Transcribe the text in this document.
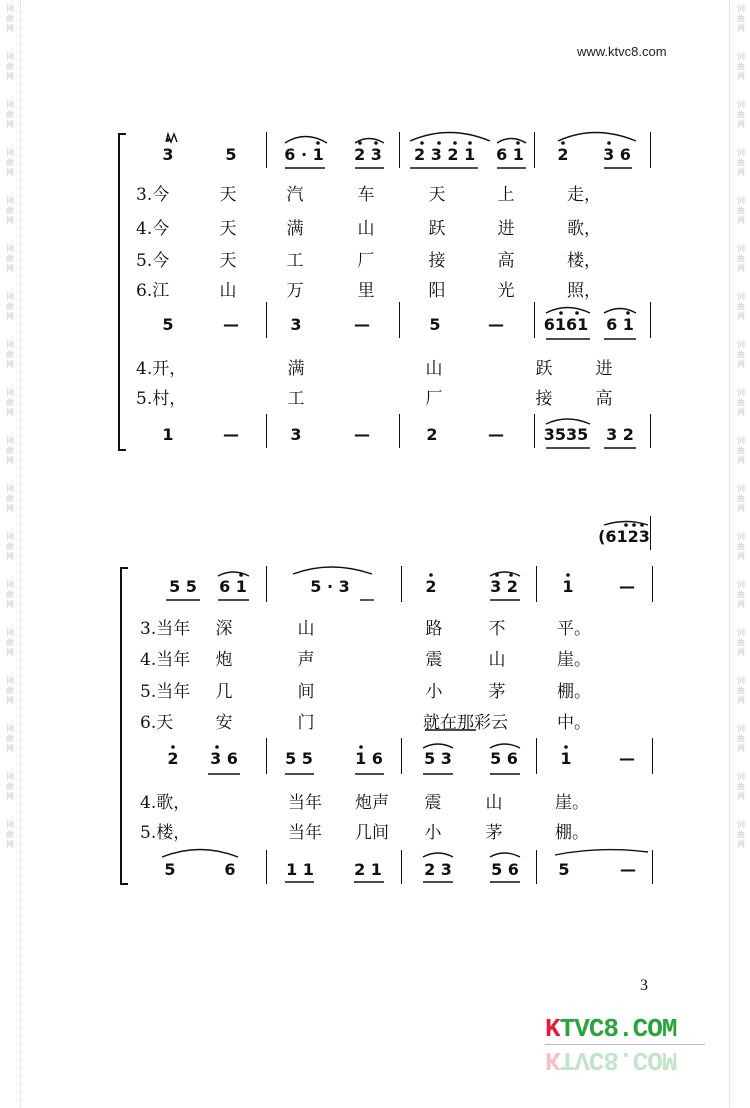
词
曲
网
词
曲
网
词
曲
网
词
曲
网
词
曲
网
词
曲
网
词
曲
网
词
曲
网
词
曲
网
词
曲
网
词
曲
网
词
曲
网
词
曲
网
词
曲
网
词
曲
网
词
曲
网
词
曲
网
词
曲
网
词
曲
网
词
曲
网
词
曲
网
词
曲
网
词
曲
网
词
曲
网
词
曲
网
词
曲
网
词
曲
网
词
曲
网
词
曲
网
词
曲
网
词
曲
网
词
曲
网
词
曲
网
词
曲
网
词
曲
网
词
曲
网
www.ktvc8.com
3	5	6 · 1	2 3	2 3 2 1	6 1	2	3 6
3.今	天	汽	车	天	上	走，
4.今	天	满	山	跃	进	歌，
5.今	天	工	厂	接	高	楼，
6.江	山	万	里	阳	光	照，
5	—	3	—	5	—	6161	6 1
4.开，	满	山	跃	进
5.村，	工	厂	接	高
1	—	3	—	2	—	3535	3 2
(6123
5 5	6 1	5 · 3	2	3 2	1	—
3.当年	深	山	路	不	平。
4.当年	炮	声	震	山	崖。
5.当年	几	间	小	茅	棚。
6.天	安	门	就在那彩云	中。
2	3 6	5 5	1 6	5 3	5 6	1	—
4.歌，	当年 炮声	震	山	崖。
5.楼，	当年 几间	小	茅	棚。
5	6	1 1	2 1	2 3	5 6	5	—
3
KTVC8.COM
KTVC8.COM
